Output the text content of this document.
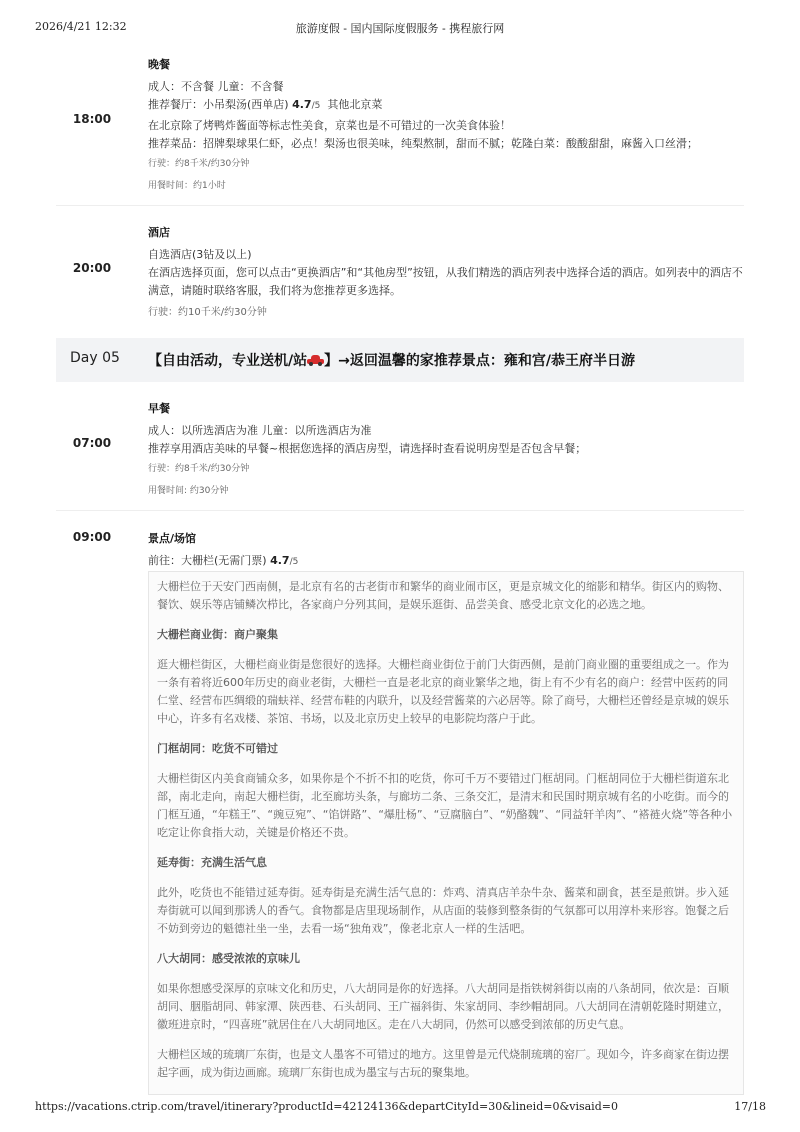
2026/4/21 12:32	旅游度假 - 国内国际度假服务 - 携程旅行网
18:00
晚餐
成人：不含餐 儿童：不含餐
推荐餐厅：小吊梨汤(西单店) 4.7/5 其他北京菜
在北京除了烤鸭炸酱面等标志性美食，京菜也是不可错过的一次美食体验！
推荐菜品：招牌梨球果仁虾，必点！梨汤也很美味，纯梨熬制，甜而不腻；乾隆白菜：酸酸甜甜，麻酱入口丝滑；
行驶：约8千米/约30分钟
用餐时间：约1小时
20:00
酒店
自选酒店(3钻及以上)
在酒店选择页面，您可以点击“更换酒店”和“其他房型”按钮，从我们精选的酒店列表中选择合适的酒店。如列表中的酒店不
满意，请随时联络客服，我们将为您推荐更多选择。
行驶：约10千米/约30分钟
Day 05 【自由活动，专业送机/站 】→返回温馨的家推荐景点：雍和宫/恭王府半日游
07:00
早餐
成人：以所选酒店为准 儿童：以所选酒店为准
推荐享用酒店美味的早餐~根据您选择的酒店房型，请选择时查看说明房型是否包含早餐；
行驶：约8千米/约30分钟
用餐时间: 约30分钟
09:00	景点/场馆
前往：大栅栏(无需门票) 4.7/5

大栅栏位于天安门西南侧，是北京有名的古老街市和繁华的商业闹市区，更是京城文化的缩影和精华。街区内的购物、餐饮、娱乐等店铺鳞次栉比，各家商户分列其间，是娱乐逛街、品尝美食、感受北京文化的必选之地。

大栅栏商业街：商户聚集

逛大栅栏街区，大栅栏商业街是您很好的选择。大栅栏商业街位于前门大街西侧，是前门商业圈的重要组成之一。作为一条有着将近600年历史的商业老街，大栅栏一直是老北京的商业繁华之地，街上有不少有名的商户：经营中医药的同仁堂、经营布匹绸缎的瑞蚨祥、经营布鞋的内联升，以及经营酱菜的六必居等。除了商号，大栅栏还曾经是京城的娱乐中心，许多有名戏楼、茶馆、书场，以及北京历史上较早的电影院均落户于此。

门框胡同：吃货不可错过

大栅栏街区内美食商铺众多，如果你是个不折不扣的吃货，你可千万不要错过门框胡同。门框胡同位于大栅栏街道东北部，南北走向，南起大栅栏街，北至廊坊头条，与廊坊二条、三条交汇，是清末和民国时期京城有名的小吃街。而今的门框互通，“年糕王”、“豌豆宛”、“馅饼路”、“爆肚杨”、“豆腐脑白”、“奶酪魏”、“同益轩羊肉”、“褡裢火烧”等各种小吃定让你食指大动，关键是价格还不贵。

延寿街：充满生活气息

此外，吃货也不能错过延寿街。延寿街是充满生活气息的：炸鸡、清真店羊杂牛杂、酱菜和副食，甚至是煎饼。步入延寿街就可以闻到那诱人的香气。食物都是店里现场制作，从店面的装修到整条街的气氛都可以用淳朴来形容。饱餐之后不妨到旁边的魁德社坐一坐，去看一场“独角戏”，像老北京人一样的生活吧。

八大胡同：感受浓浓的京味儿

如果你想感受深厚的京味文化和历史，八大胡同是你的好选择。八大胡同是指铁树斜街以南的八条胡同，依次是：百顺胡同、胭脂胡同、韩家潭、陕西巷、石头胡同、王广福斜街、朱家胡同、李纱帽胡同。八大胡同在清朝乾隆时期建立，徽班进京时，“四喜班”就居住在八大胡同地区。走在八大胡同，仍然可以感受到浓郁的历史气息。

大栅栏区域的琉璃厂东街，也是文人墨客不可错过的地方。这里曾是元代烧制琉璃的窑厂。现如今，许多商家在街边摆起字画，成为街边画廊。琉璃厂东街也成为墨宝与古玩的聚集地。

https://vacations.ctrip.com/travel/itinerary?productId=42124136&departCityId=30&lineid=0&visaid=0	17/18
